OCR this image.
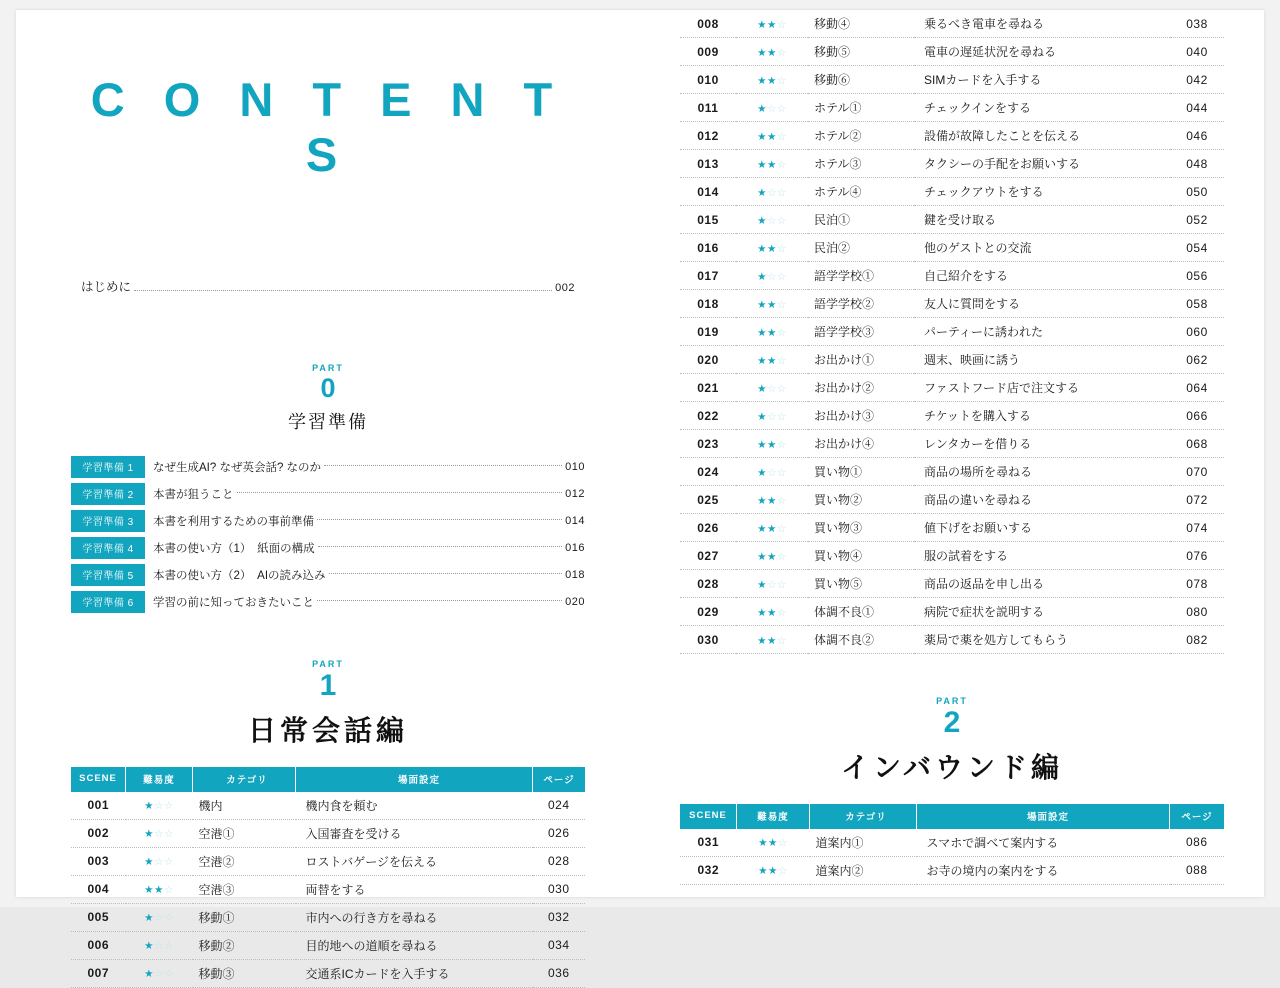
C O N T E N T S
はじめに	002
PART
0
学習準備
学習準備 1	なぜ生成AI? なぜ英会話? なのか	010
学習準備 2	本書が狙うこと	012
学習準備 3	本書を利用するための事前準備	014
学習準備 4	本書の使い方（1）　紙面の構成	016
学習準備 5	本書の使い方（2）　AIの読み込み	018
学習準備 6	学習の前に知っておきたいこと	020
PART
1
日常会話編
SCENE	難易度	カテゴリ	場面設定	ページ
001	★☆☆	機内	機内食を頼む	024
002	★☆☆	空港①	入国審査を受ける	026
003	★☆☆	空港②	ロストバゲージを伝える	028
004	★★☆	空港③	両替をする	030
005	★☆☆	移動①	市内への行き方を尋ねる	032
006	★☆☆	移動②	目的地への道順を尋ねる	034
007	★☆☆	移動③	交通系ICカードを入手する	036
008	★★☆	移動④	乗るべき電車を尋ねる	038
009	★★☆	移動⑤	電車の遅延状況を尋ねる	040
010	★★☆	移動⑥	SIMカードを入手する	042
011	★☆☆	ホテル①	チェックインをする	044
012	★★☆	ホテル②	設備が故障したことを伝える	046
013	★★☆	ホテル③	タクシーの手配をお願いする	048
014	★☆☆	ホテル④	チェックアウトをする	050
015	★☆☆	民泊①	鍵を受け取る	052
016	★★☆	民泊②	他のゲストとの交流	054
017	★☆☆	語学学校①	自己紹介をする	056
018	★★☆	語学学校②	友人に質問をする	058
019	★★☆	語学学校③	パーティーに誘われた	060
020	★★☆	お出かけ①	週末、映画に誘う	062
021	★☆☆	お出かけ②	ファストフード店で注文する	064
022	★☆☆	お出かけ③	チケットを購入する	066
023	★★☆	お出かけ④	レンタカーを借りる	068
024	★☆☆	買い物①	商品の場所を尋ねる	070
025	★★☆	買い物②	商品の違いを尋ねる	072
026	★★☆	買い物③	値下げをお願いする	074
027	★★☆	買い物④	服の試着をする	076
028	★☆☆	買い物⑤	商品の返品を申し出る	078
029	★★☆	体調不良①	病院で症状を説明する	080
030	★★☆	体調不良②	薬局で薬を処方してもらう	082
PART
2
インバウンド編
SCENE	難易度	カテゴリ	場面設定	ページ
031	★★☆	道案内①	スマホで調べて案内する	086
032	★★☆	道案内②	お寺の境内の案内をする	088
